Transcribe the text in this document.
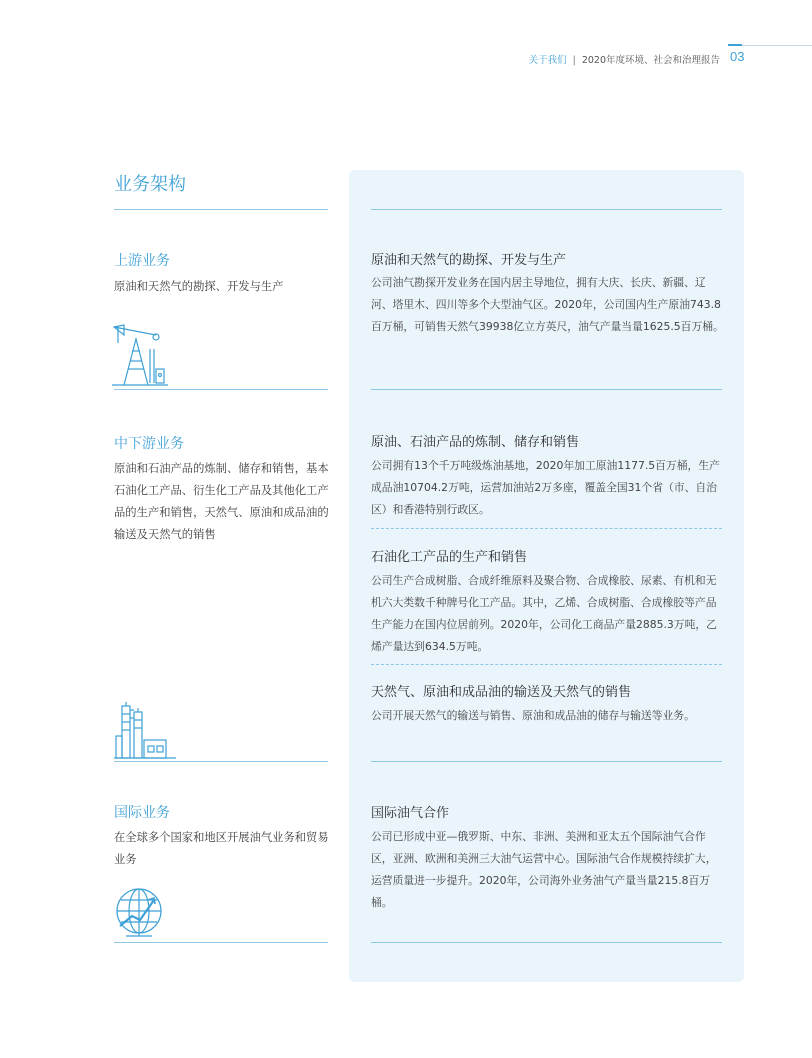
关于我们 | 2020年度环境、社会和治理报告 03
业务架构
上游业务
原油和天然气的勘探、开发与生产
原油和天然气的勘探、开发与生产
公司油气勘探开发业务在国内居主导地位，拥有大庆、长庆、新疆、辽河、塔里木、四川等多个大型油气区。2020年，公司国内生产原油743.8百万桶，可销售天然气39938亿立方英尺，油气产量当量1625.5百万桶。
中下游业务
原油和石油产品的炼制、储存和销售，基本石油化工产品、衍生化工产品及其他化工产品的生产和销售，天然气、原油和成品油的输送及天然气的销售
原油、石油产品的炼制、储存和销售
公司拥有13个千万吨级炼油基地，2020年加工原油1177.5百万桶，生产成品油10704.2万吨，运营加油站2万多座，覆盖全国31个省（市、自治区）和香港特别行政区。
石油化工产品的生产和销售
公司生产合成树脂、合成纤维原料及聚合物、合成橡胶、尿素、有机和无机六大类数千种牌号化工产品。其中，乙烯、合成树脂、合成橡胶等产品生产能力在国内位居前列。2020年，公司化工商品产量2885.3万吨，乙烯产量达到634.5万吨。
天然气、原油和成品油的输送及天然气的销售
公司开展天然气的输送与销售、原油和成品油的储存与输送等业务。
国际业务
在全球多个国家和地区开展油气业务和贸易业务
国际油气合作
公司已形成中亚—俄罗斯、中东、非洲、美洲和亚太五个国际油气合作区，亚洲、欧洲和美洲三大油气运营中心。国际油气合作规模持续扩大，运营质量进一步提升。2020年，公司海外业务油气产量当量215.8百万桶。
